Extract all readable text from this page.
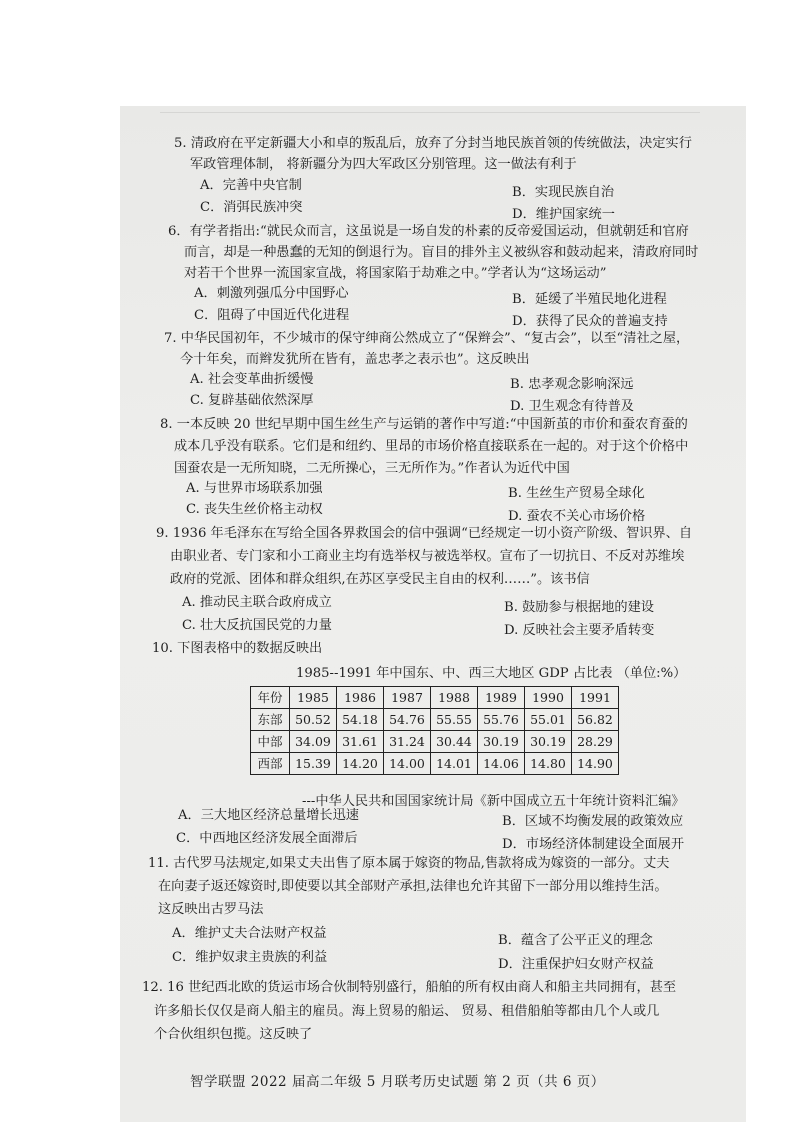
5. 清政府在平定新疆大小和卓的叛乱后，放弃了分封当地民族首领的传统做法，决定实行
军政管理体制， 将新疆分为四大军政区分别管理。这一做法有利于
A．完善中央官制	B．实现民族自治
C．消弭民族冲突	D．维护国家统一
6．有学者指出:“就民众而言，这虽说是一场自发的朴素的反帝爱国运动，但就朝廷和官府
而言，却是一种愚蠢的无知的倒退行为。盲目的排外主义被纵容和鼓动起来，清政府同时
对若干个世界一流国家宣战，将国家陷于劫难之中。”学者认为“这场运动”
A．刺激列强瓜分中国野心	B．延缓了半殖民地化进程
C．阻碍了中国近代化进程	D．获得了民众的普遍支持
7. 中华民国初年，不少城市的保守绅商公然成立了“保辫会”、“复古会”，以至“清社之屋，
今十年矣，而辫发犹所在皆有，盖忠孝之表示也”。这反映出
A. 社会变革曲折缓慢	B. 忠孝观念影响深远
C. 复辟基础依然深厚	D. 卫生观念有待普及
8. 一本反映 20 世纪早期中国生丝生产与运销的著作中写道:“中国新茧的市价和蚕农育蚕的
成本几乎没有联系。它们是和纽约、里昂的市场价格直接联系在一起的。对于这个价格中
国蚕农是一无所知晓，二无所操心，三无所作为。”作者认为近代中国
A. 与世界市场联系加强	B. 生丝生产贸易全球化
C. 丧失生丝价格主动权	D. 蚕农不关心市场价格
9. 1936 年毛泽东在写给全国各界救国会的信中强调“已经规定一切小资产阶级、智识界、自
由职业者、专门家和小工商业主均有选举权与被选举权。宣布了一切抗日、不反对苏维埃
政府的党派、团体和群众组织,在苏区享受民主自由的权利……”。该书信
A. 推动民主联合政府成立	B. 鼓励参与根据地的建设
C. 壮大反抗国民党的力量	D. 反映社会主要矛盾转变
10. 下图表格中的数据反映出
1985--1991 年中国东、中、西三大地区 GDP 占比表 （单位:%）
年份	1985	1986	1987	1988	1989	1990	1991
东部	50.52	54.18	54.76	55.55	55.76	55.01	56.82
中部	34.09	31.61	31.24	30.44	30.19	30.19	28.29
西部	15.39	14.20	14.00	14.01	14.06	14.80	14.90
---中华人民共和国国家统计局《新中国成立五十年统计资料汇编》
A．三大地区经济总量增长迅速	B．区域不均衡发展的政策效应
C．中西地区经济发展全面滞后	D．市场经济体制建设全面展开
11. 古代罗马法规定,如果丈夫出售了原本属于嫁资的物品,售款将成为嫁资的一部分。丈夫
在向妻子返还嫁资时,即使要以其全部财产承担,法律也允许其留下一部分用以维持生活。
这反映出古罗马法
A．维护丈夫合法财产权益	B．蕴含了公平正义的理念
C．维护奴隶主贵族的利益	D．注重保护妇女财产权益
12. 16 世纪西北欧的货运市场合伙制特别盛行，船舶的所有权由商人和船主共同拥有，甚至
许多船长仅仅是商人船主的雇员。海上贸易的船运、 贸易、租借船舶等都由几个人或几
个合伙组织包揽。这反映了
智学联盟 2022 届高二年级 5 月联考历史试题 第 2 页（共 6 页）
